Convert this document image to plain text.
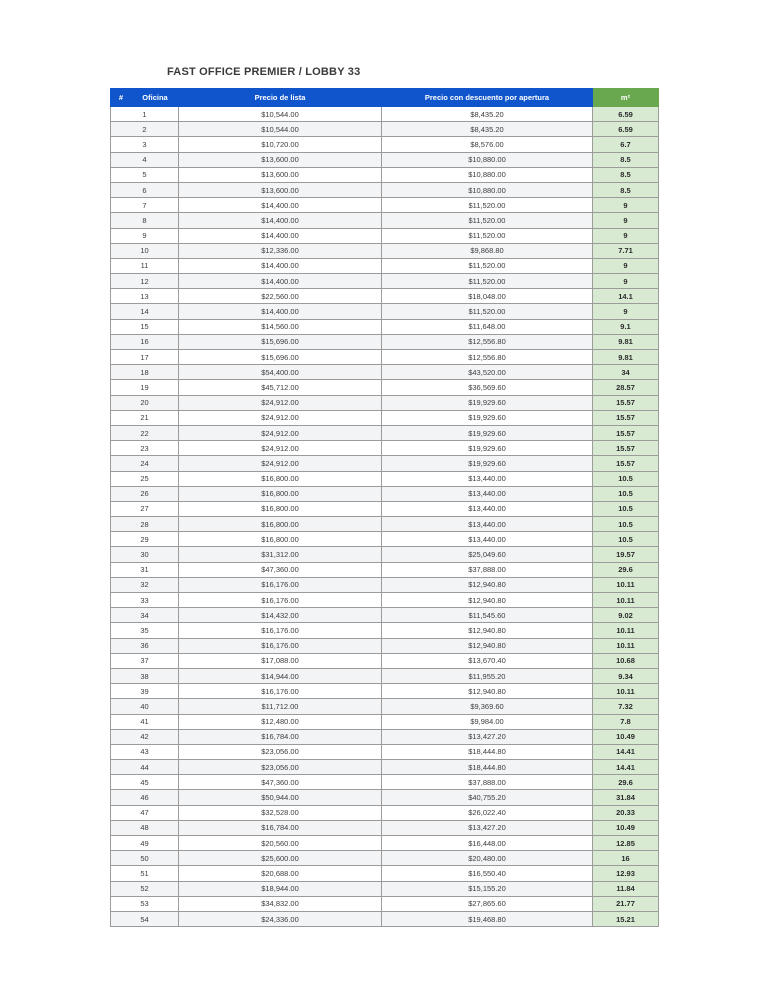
FAST OFFICE PREMIER / LOBBY 33
#	Oficina	Precio de lista	Precio con descuento por apertura	m²
1		$10,544.00	$8,435.20	6.59
2		$10,544.00	$8,435.20	6.59
3		$10,720.00	$8,576.00	6.7
4		$13,600.00	$10,880.00	8.5
5		$13,600.00	$10,880.00	8.5
6		$13,600.00	$10,880.00	8.5
7		$14,400.00	$11,520.00	9
8		$14,400.00	$11,520.00	9
9		$14,400.00	$11,520.00	9
10		$12,336.00	$9,868.80	7.71
11		$14,400.00	$11,520.00	9
12		$14,400.00	$11,520.00	9
13		$22,560.00	$18,048.00	14.1
14		$14,400.00	$11,520.00	9
15		$14,560.00	$11,648.00	9.1
16		$15,696.00	$12,556.80	9.81
17		$15,696.00	$12,556.80	9.81
18		$54,400.00	$43,520.00	34
19		$45,712.00	$36,569.60	28.57
20		$24,912.00	$19,929.60	15.57
21		$24,912.00	$19,929.60	15.57
22		$24,912.00	$19,929.60	15.57
23		$24,912.00	$19,929.60	15.57
24		$24,912.00	$19,929.60	15.57
25		$16,800.00	$13,440.00	10.5
26		$16,800.00	$13,440.00	10.5
27		$16,800.00	$13,440.00	10.5
28		$16,800.00	$13,440.00	10.5
29		$16,800.00	$13,440.00	10.5
30		$31,312.00	$25,049.60	19.57
31		$47,360.00	$37,888.00	29.6
32		$16,176.00	$12,940.80	10.11
33		$16,176.00	$12,940.80	10.11
34		$14,432.00	$11,545.60	9.02
35		$16,176.00	$12,940.80	10.11
36		$16,176.00	$12,940.80	10.11
37		$17,088.00	$13,670.40	10.68
38		$14,944.00	$11,955.20	9.34
39		$16,176.00	$12,940.80	10.11
40		$11,712.00	$9,369.60	7.32
41		$12,480.00	$9,984.00	7.8
42		$16,784.00	$13,427.20	10.49
43		$23,056.00	$18,444.80	14.41
44		$23,056.00	$18,444.80	14.41
45		$47,360.00	$37,888.00	29.6
46		$50,944.00	$40,755.20	31.84
47		$32,528.00	$26,022.40	20.33
48		$16,784.00	$13,427.20	10.49
49		$20,560.00	$16,448.00	12.85
50		$25,600.00	$20,480.00	16
51		$20,688.00	$16,550.40	12.93
52		$18,944.00	$15,155.20	11.84
53		$34,832.00	$27,865.60	21.77
54		$24,336.00	$19,468.80	15.21
